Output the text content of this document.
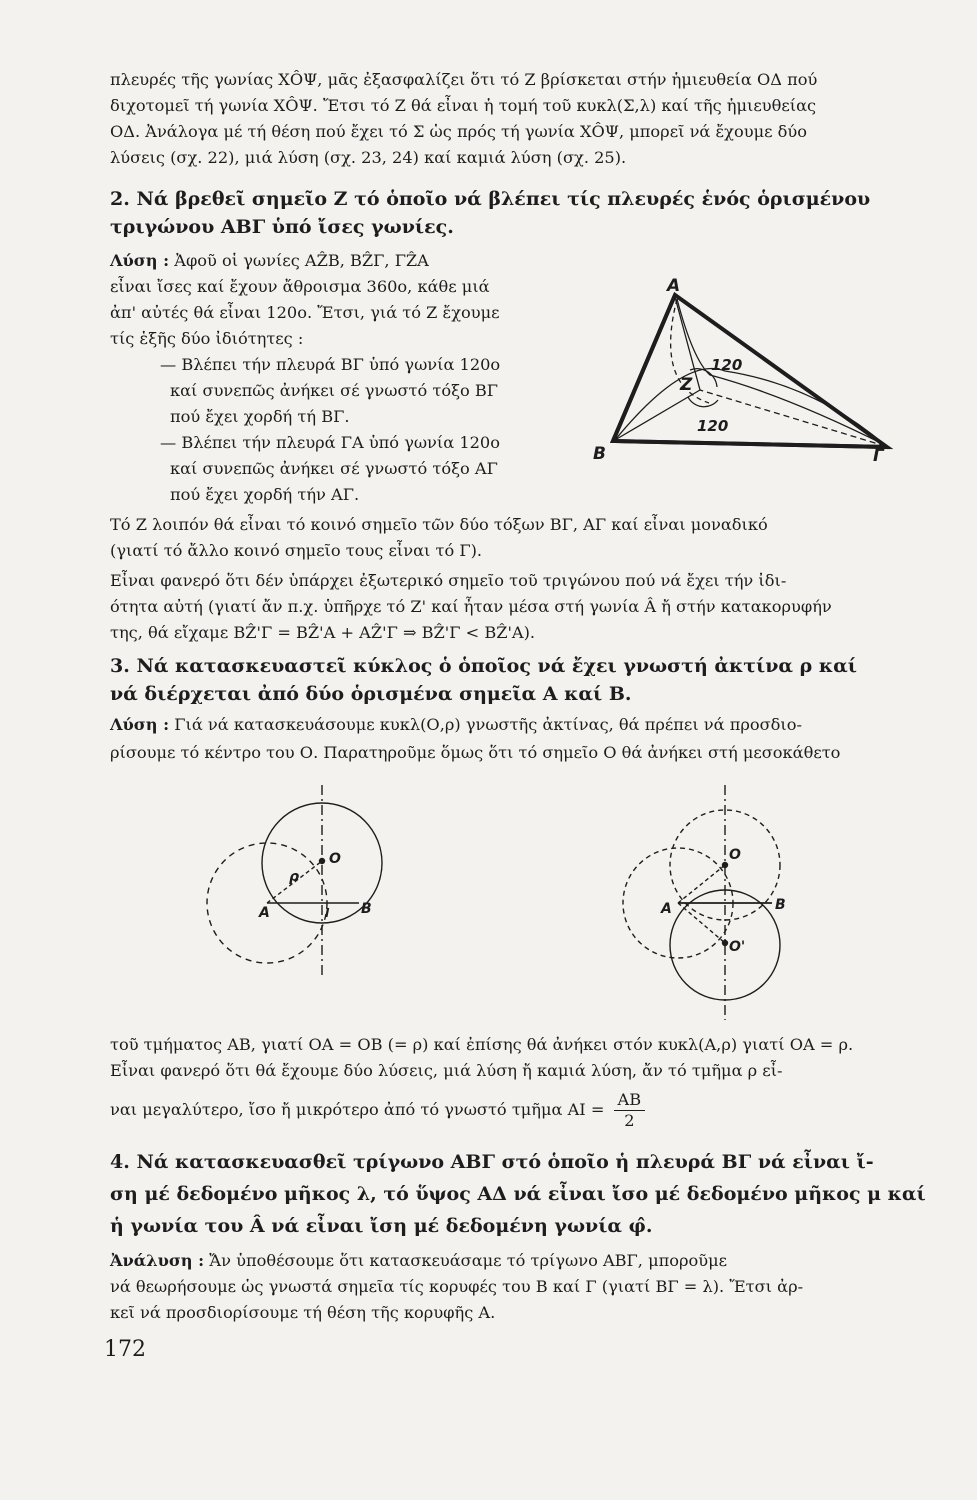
πλευρές τῆς γωνίας ΧÔΨ, μᾶς ἐξασφαλίζει ὅτι τό Ζ βρίσκεται στήν ἡμιευθεία ΟΔ πού
διχοτομεῖ τή γωνία ΧÔΨ. Ἔτσι τό Ζ θά εἶναι ἡ τομή τοῦ κυκλ(Σ,λ) καί τῆς ἡμιευθείας
ΟΔ. Ἀνάλογα μέ τή θέση πού ἔχει τό Σ ὡς πρός τή γωνία ΧÔΨ, μπορεῖ νά ἔχουμε δύο
λύσεις (σχ. 22), μιά λύση (σχ. 23, 24) καί καμιά λύση (σχ. 25).
2. Νά βρεθεῖ σημεῖο Ζ τό ὁποῖο νά βλέπει τίς πλευρές ἑνός ὁρισμένου
τριγώνου ΑΒΓ ὑπό ἴσες γωνίες.
Λύση : Ἀφοῦ οἱ γωνίες ΑẐΒ, ΒẐΓ, ΓẐΑ
εἶναι ἴσες καί ἔχουν ἄθροισμα 360ο, κάθε μιά
ἀπ' αὐτές θά εἶναι 120ο. Ἔτσι, γιά τό Ζ ἔχουμε
τίς ἑξῆς δύο ἰδιότητες :
— Βλέπει τήν πλευρά ΒΓ ὑπό γωνία 120ο
καί συνεπῶς ἀνήκει σέ γνωστό τόξο ΒΓ
πού ἔχει χορδή τή ΒΓ.
— Βλέπει τήν πλευρά ΓΑ ὑπό γωνία 120ο
καί συνεπῶς ἀνήκει σέ γνωστό τόξο ΑΓ
πού ἔχει χορδή τήν ΑΓ.
A
B	Γ
Z
120
120
Τό Ζ λοιπόν θά εἶναι τό κοινό σημεῖο τῶν δύο τόξων ΒΓ, ΑΓ καί εἶναι μοναδικό
(γιατί τό ἄλλο κοινό σημεῖο τους εἶναι τό Γ).
Εἶναι φανερό ὅτι δέν ὑπάρχει ἐξωτερικό σημεῖο τοῦ τριγώνου πού νά ἔχει τήν ἰδι-
ότητα αὐτή (γιατί ἄν π.χ. ὑπῆρχε τό Ζ' καί ἦταν μέσα στή γωνία Â ἤ στήν κατακορυφήν
της, θά εἴχαμε ΒẐ'Γ = ΒẐ'Α + ΑẐ'Γ ⇒ ΒẐ'Γ < ΒẐ'Α).
3. Νά κατασκευαστεῖ κύκλος ὁ ὁποῖος νά ἔχει γνωστή ἀκτίνα ρ καί
νά διέρχεται ἀπό δύο ὁρισμένα σημεῖα Α καί Β.
Λύση : Γιά νά κατασκευάσουμε κυκλ(Ο,ρ) γνωστῆς ἀκτίνας, θά πρέπει νά προσδιο-
ρίσουμε τό κέντρο του Ο. Παρατηροῦμε ὅμως ὅτι τό σημεῖο Ο θά ἀνήκει στή μεσοκάθετο
O
ρ
A	B
I
O
O'
A	B
τοῦ τμήματος ΑΒ, γιατί ΟΑ = ΟΒ (= ρ) καί ἐπίσης θά ἀνήκει στόν κυκλ(Α,ρ) γιατί ΟΑ = ρ.
Εἶναι φανερό ὅτι θά ἔχουμε δύο λύσεις, μιά λύση ἤ καμιά λύση, ἄν τό τμῆμα ρ εἶ-
ναι μεγαλύτερο, ἴσο ἤ μικρότερο ἀπό τό γνωστό τμῆμα $AI = \frac{AB}{2}$
4. Νά κατασκευασθεῖ τρίγωνο ΑΒΓ στό ὁποῖο ἡ πλευρά ΒΓ νά εἶναι ἴ-
ση μέ δεδομένο μῆκος λ, τό ὕψος ΑΔ νά εἶναι ἴσο μέ δεδομένο μῆκος μ καί
ἡ γωνία του Â νά εἶναι ἴση μέ δεδομένη γωνία φ̂.
Ἀνάλυση : Ἄν ὑποθέσουμε ὅτι κατασκευάσαμε τό τρίγωνο ΑΒΓ, μποροῦμε
νά θεωρήσουμε ὡς γνωστά σημεῖα τίς κορυφές του Β καί Γ (γιατί ΒΓ = λ). Ἔτσι ἀρ-
κεῖ νά προσδιορίσουμε τή θέση τῆς κορυφῆς Α.
172
